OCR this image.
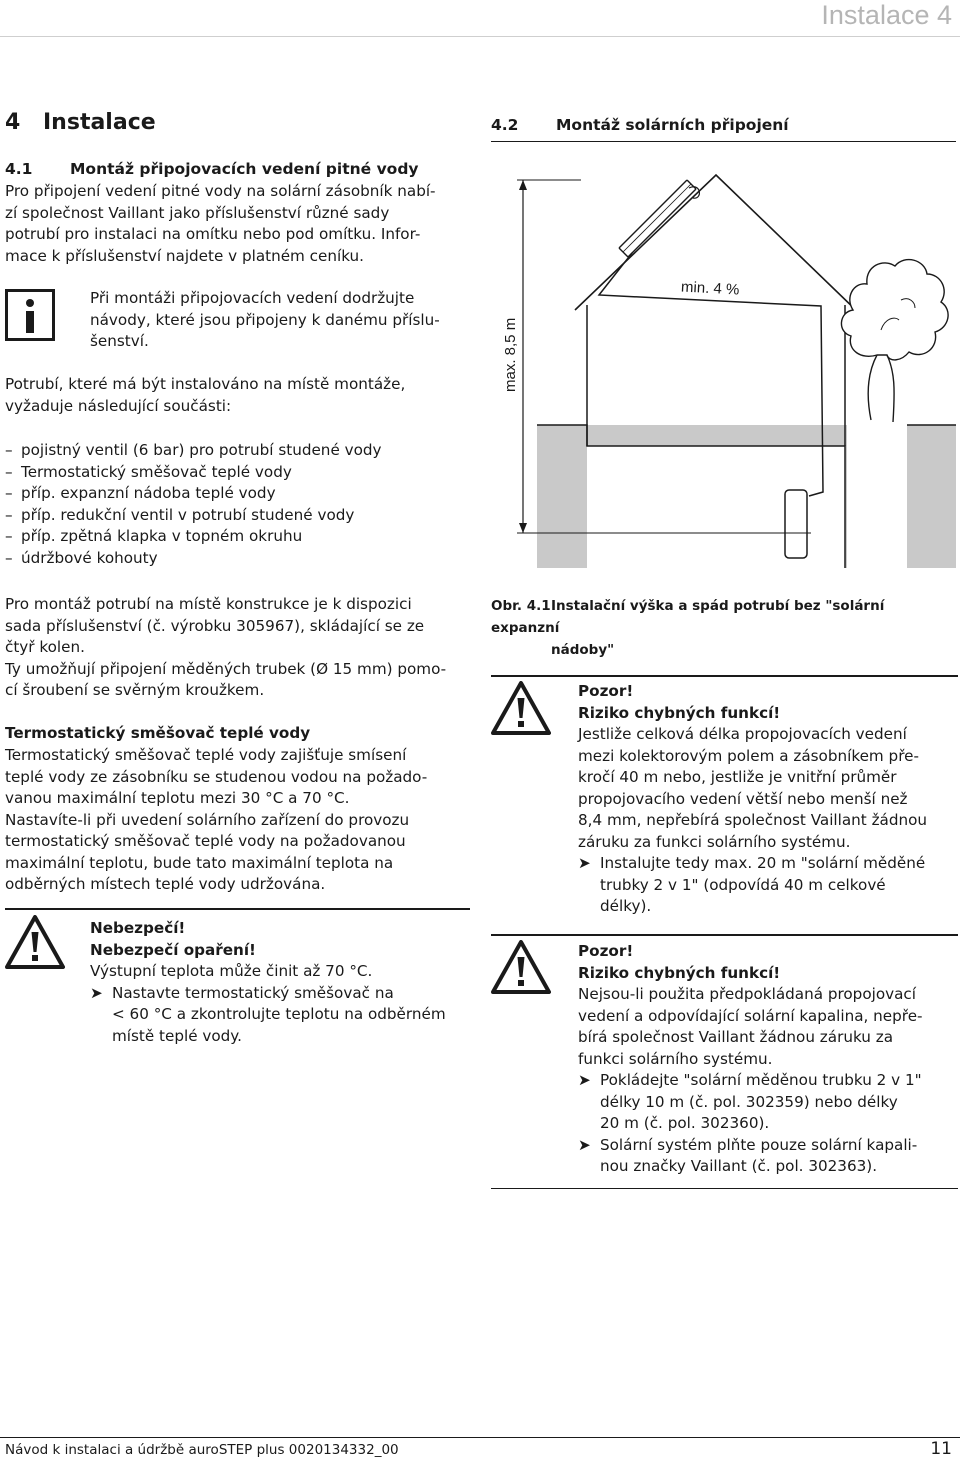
Instalace 4
4 Instalace
4.1 Montáž připojovacích vedení pitné vody
Pro připojení vedení pitné vody na solární zásobník nabí-
zí společnost Vaillant jako příslušenství různé sady
potrubí pro instalaci na omítku nebo pod omítku. Infor-
mace k příslušenství najdete v platném ceníku.
Při montáži připojovacích vedení dodržujte
návody, které jsou připojeny k danému příslu-
šenství.
Potrubí, které má být instalováno na místě montáže,
vyžaduje následující součásti:
– pojistný ventil (6 bar) pro potrubí studené vody
– Termostatický směšovač teplé vody
– příp. expanzní nádoba teplé vody
– příp. redukční ventil v potrubí studené vody
– příp. zpětná klapka v topném okruhu
– údržbové kohouty
Pro montáž potrubí na místě konstrukce je k dispozici
sada příslušenství (č. výrobku 305967), skládající se ze
čtyř kolen.
Ty umožňují připojení měděných trubek (Ø 15 mm) pomo-
cí šroubení se svěrným kroužkem.
Termostatický směšovač teplé vody
Termostatický směšovač teplé vody zajišťuje smísení
teplé vody ze zásobníku se studenou vodou na požado-
vanou maximální teplotu mezi 30 °C a 70 °C.
Nastavíte-li při uvedení solárního zařízení do provozu
termostatický směšovač teplé vody na požadovanou
maximální teplotu, bude tato maximální teplota na
odběrných místech teplé vody udržována.
Nebezpečí!
Nebezpečí opaření!
Výstupní teplota může činit až 70 °C.
➤ Nastavte termostatický směšovač na
< 60 °C a zkontrolujte teplotu na odběrném
místě teplé vody.
4.2 Montáž solárních připojení
max. 8,5 m
min. 4 %
Obr. 4.1Instalační výška a spád potrubí bez "solární expanzní
nádoby"
Pozor!
Riziko chybných funkcí!
Jestliže celková délka propojovacích vedení
mezi kolektorovým polem a zásobníkem pře-
kročí 40 m nebo, jestliže je vnitřní průměr
propojovacího vedení větší nebo menší než
8,4 mm, nepřebírá společnost Vaillant žádnou
záruku za funkci solárního systému.
➤ Instalujte tedy max. 20 m "solární měděné
trubky 2 v 1" (odpovídá 40 m celkové
délky).
Pozor!
Riziko chybných funkcí!
Nejsou-li použita předpokládaná propojovací
vedení a odpovídající solární kapalina, nepře-
bírá společnost Vaillant žádnou záruku za
funkci solárního systému.
➤ Pokládejte "solární měděnou trubku 2 v 1"
délky 10 m (č. pol. 302359) nebo délky
20 m (č. pol. 302360).
➤ Solární systém plňte pouze solární kapali-
nou značky Vaillant (č. pol. 302363).
Návod k instalaci a údržbě auroSTEP plus 0020134332_00	11
